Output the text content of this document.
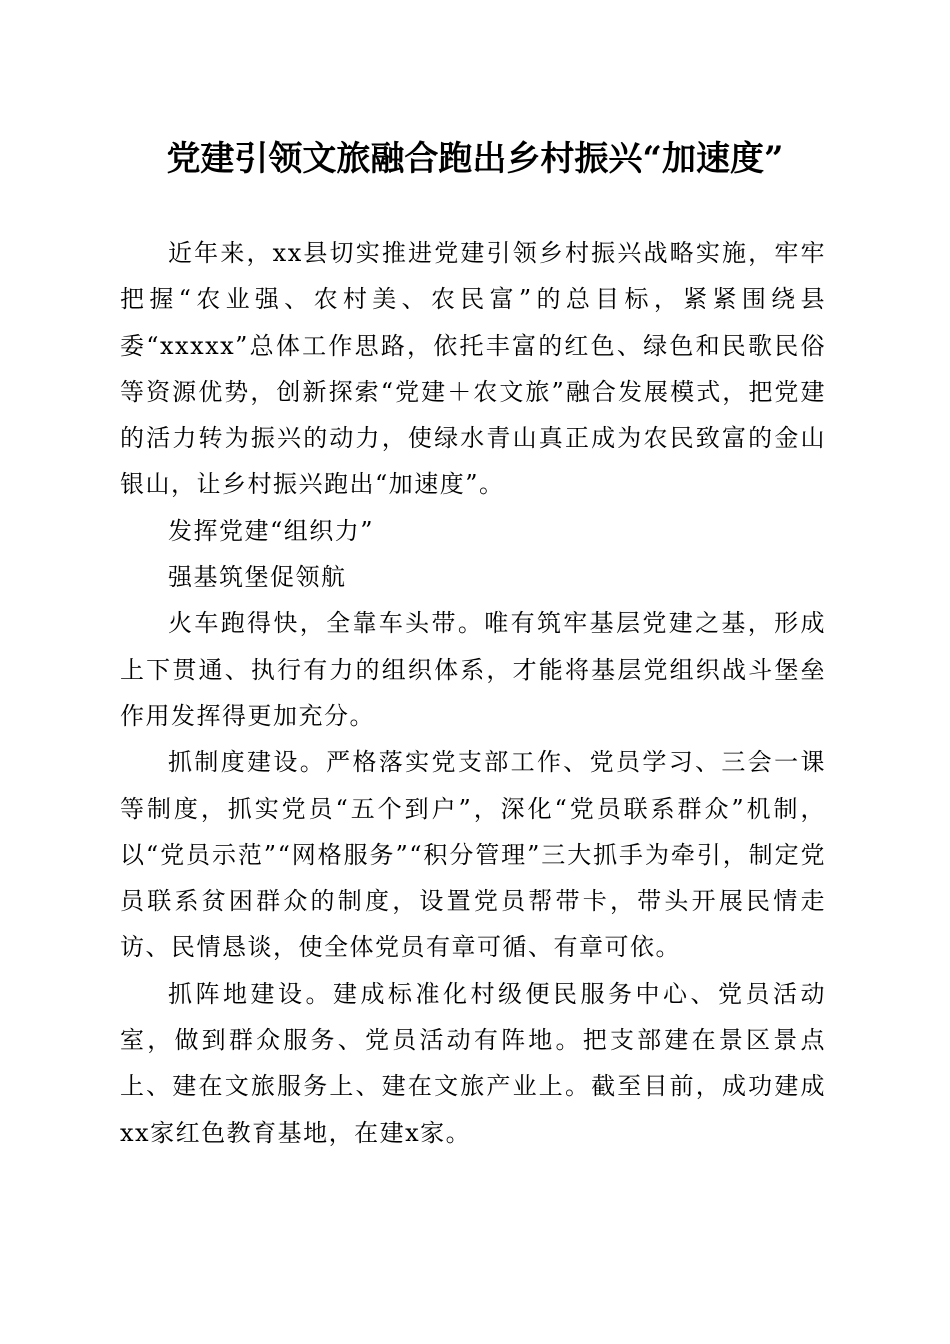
党建引领文旅融合跑出乡村振兴“加速度”

近年来，xx县切实推进党建引领乡村振兴战略实施，牢牢把握“农业强、农村美、农民富”的总目标，紧紧围绕县委“xxxxx”总体工作思路，依托丰富的红色、绿色和民歌民俗等资源优势，创新探索“党建＋农文旅”融合发展模式，把党建的活力转为振兴的动力，使绿水青山真正成为农民致富的金山银山，让乡村振兴跑出“加速度”。

发挥党建“组织力”

强基筑堡促领航

火车跑得快，全靠车头带。唯有筑牢基层党建之基，形成上下贯通、执行有力的组织体系，才能将基层党组织战斗堡垒作用发挥得更加充分。

抓制度建设。严格落实党支部工作、党员学习、三会一课等制度，抓实党员“五个到户”，深化“党员联系群众”机制，以“党员示范”“网格服务”“积分管理”三大抓手为牵引，制定党员联系贫困群众的制度，设置党员帮带卡，带头开展民情走访、民情恳谈，使全体党员有章可循、有章可依。

抓阵地建设。建成标准化村级便民服务中心、党员活动室，做到群众服务、党员活动有阵地。把支部建在景区景点上、建在文旅服务上、建在文旅产业上。截至目前，成功建成xx家红色教育基地，在建x家。
